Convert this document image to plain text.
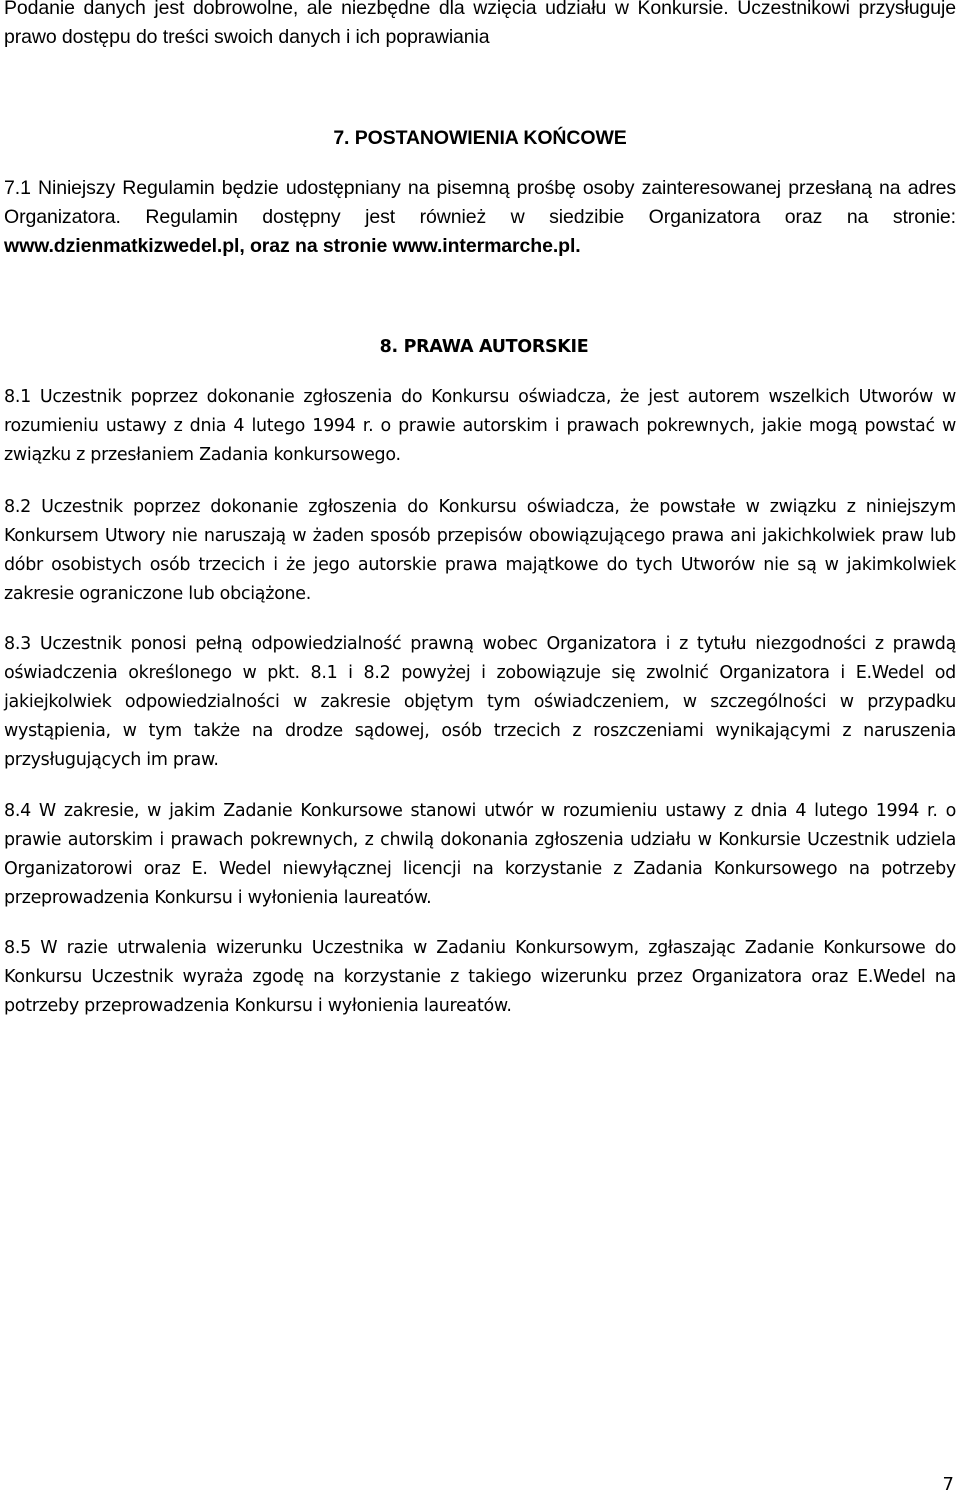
Podanie danych jest dobrowolne, ale niezbędne dla wzięcia udziału w Konkursie. Uczestnikowi przysługuje prawo dostępu do treści swoich danych i ich poprawiania

7. POSTANOWIENIA KOŃCOWE

7.1 Niniejszy Regulamin będzie udostępniany na pisemną prośbę osoby zainteresowanej przesłaną na adres Organizatora. Regulamin dostępny jest również w siedzibie Organizatora oraz na stronie: www.dzienmatkizwedel.pl, oraz na stronie www.intermarche.pl.

8. PRAWA AUTORSKIE

8.1 Uczestnik poprzez dokonanie zgłoszenia do Konkursu oświadcza, że jest autorem wszelkich Utworów w rozumieniu ustawy z dnia 4 lutego 1994 r. o prawie autorskim i prawach pokrewnych, jakie mogą powstać w związku z przesłaniem Zadania konkursowego.

8.2 Uczestnik poprzez dokonanie zgłoszenia do Konkursu oświadcza, że powstałe w związku z niniejszym Konkursem Utwory nie naruszają w żaden sposób przepisów obowiązującego prawa ani jakichkolwiek praw lub dóbr osobistych osób trzecich i że jego autorskie prawa majątkowe do tych Utworów nie są w jakimkolwiek zakresie ograniczone lub obciążone.

8.3 Uczestnik ponosi pełną odpowiedzialność prawną wobec Organizatora i z tytułu niezgodności z prawdą oświadczenia określonego w pkt. 8.1 i 8.2 powyżej i zobowiązuje się zwolnić Organizatora i E.Wedel od jakiejkolwiek odpowiedzialności w zakresie objętym tym oświadczeniem, w szczególności w przypadku wystąpienia, w tym także na drodze sądowej, osób trzecich z roszczeniami wynikającymi z naruszenia przysługujących im praw.

8.4 W zakresie, w jakim Zadanie Konkursowe stanowi utwór w rozumieniu ustawy z dnia 4 lutego 1994 r. o prawie autorskim i prawach pokrewnych, z chwilą dokonania zgłoszenia udziału w Konkursie Uczestnik udziela Organizatorowi oraz E. Wedel niewyłącznej licencji na korzystanie z Zadania Konkursowego na potrzeby przeprowadzenia Konkursu i wyłonienia laureatów.

8.5 W razie utrwalenia wizerunku Uczestnika w Zadaniu Konkursowym, zgłaszając Zadanie Konkursowe do Konkursu Uczestnik wyraża zgodę na korzystanie z takiego wizerunku przez Organizatora oraz E.Wedel na potrzeby przeprowadzenia Konkursu i wyłonienia laureatów.

7
